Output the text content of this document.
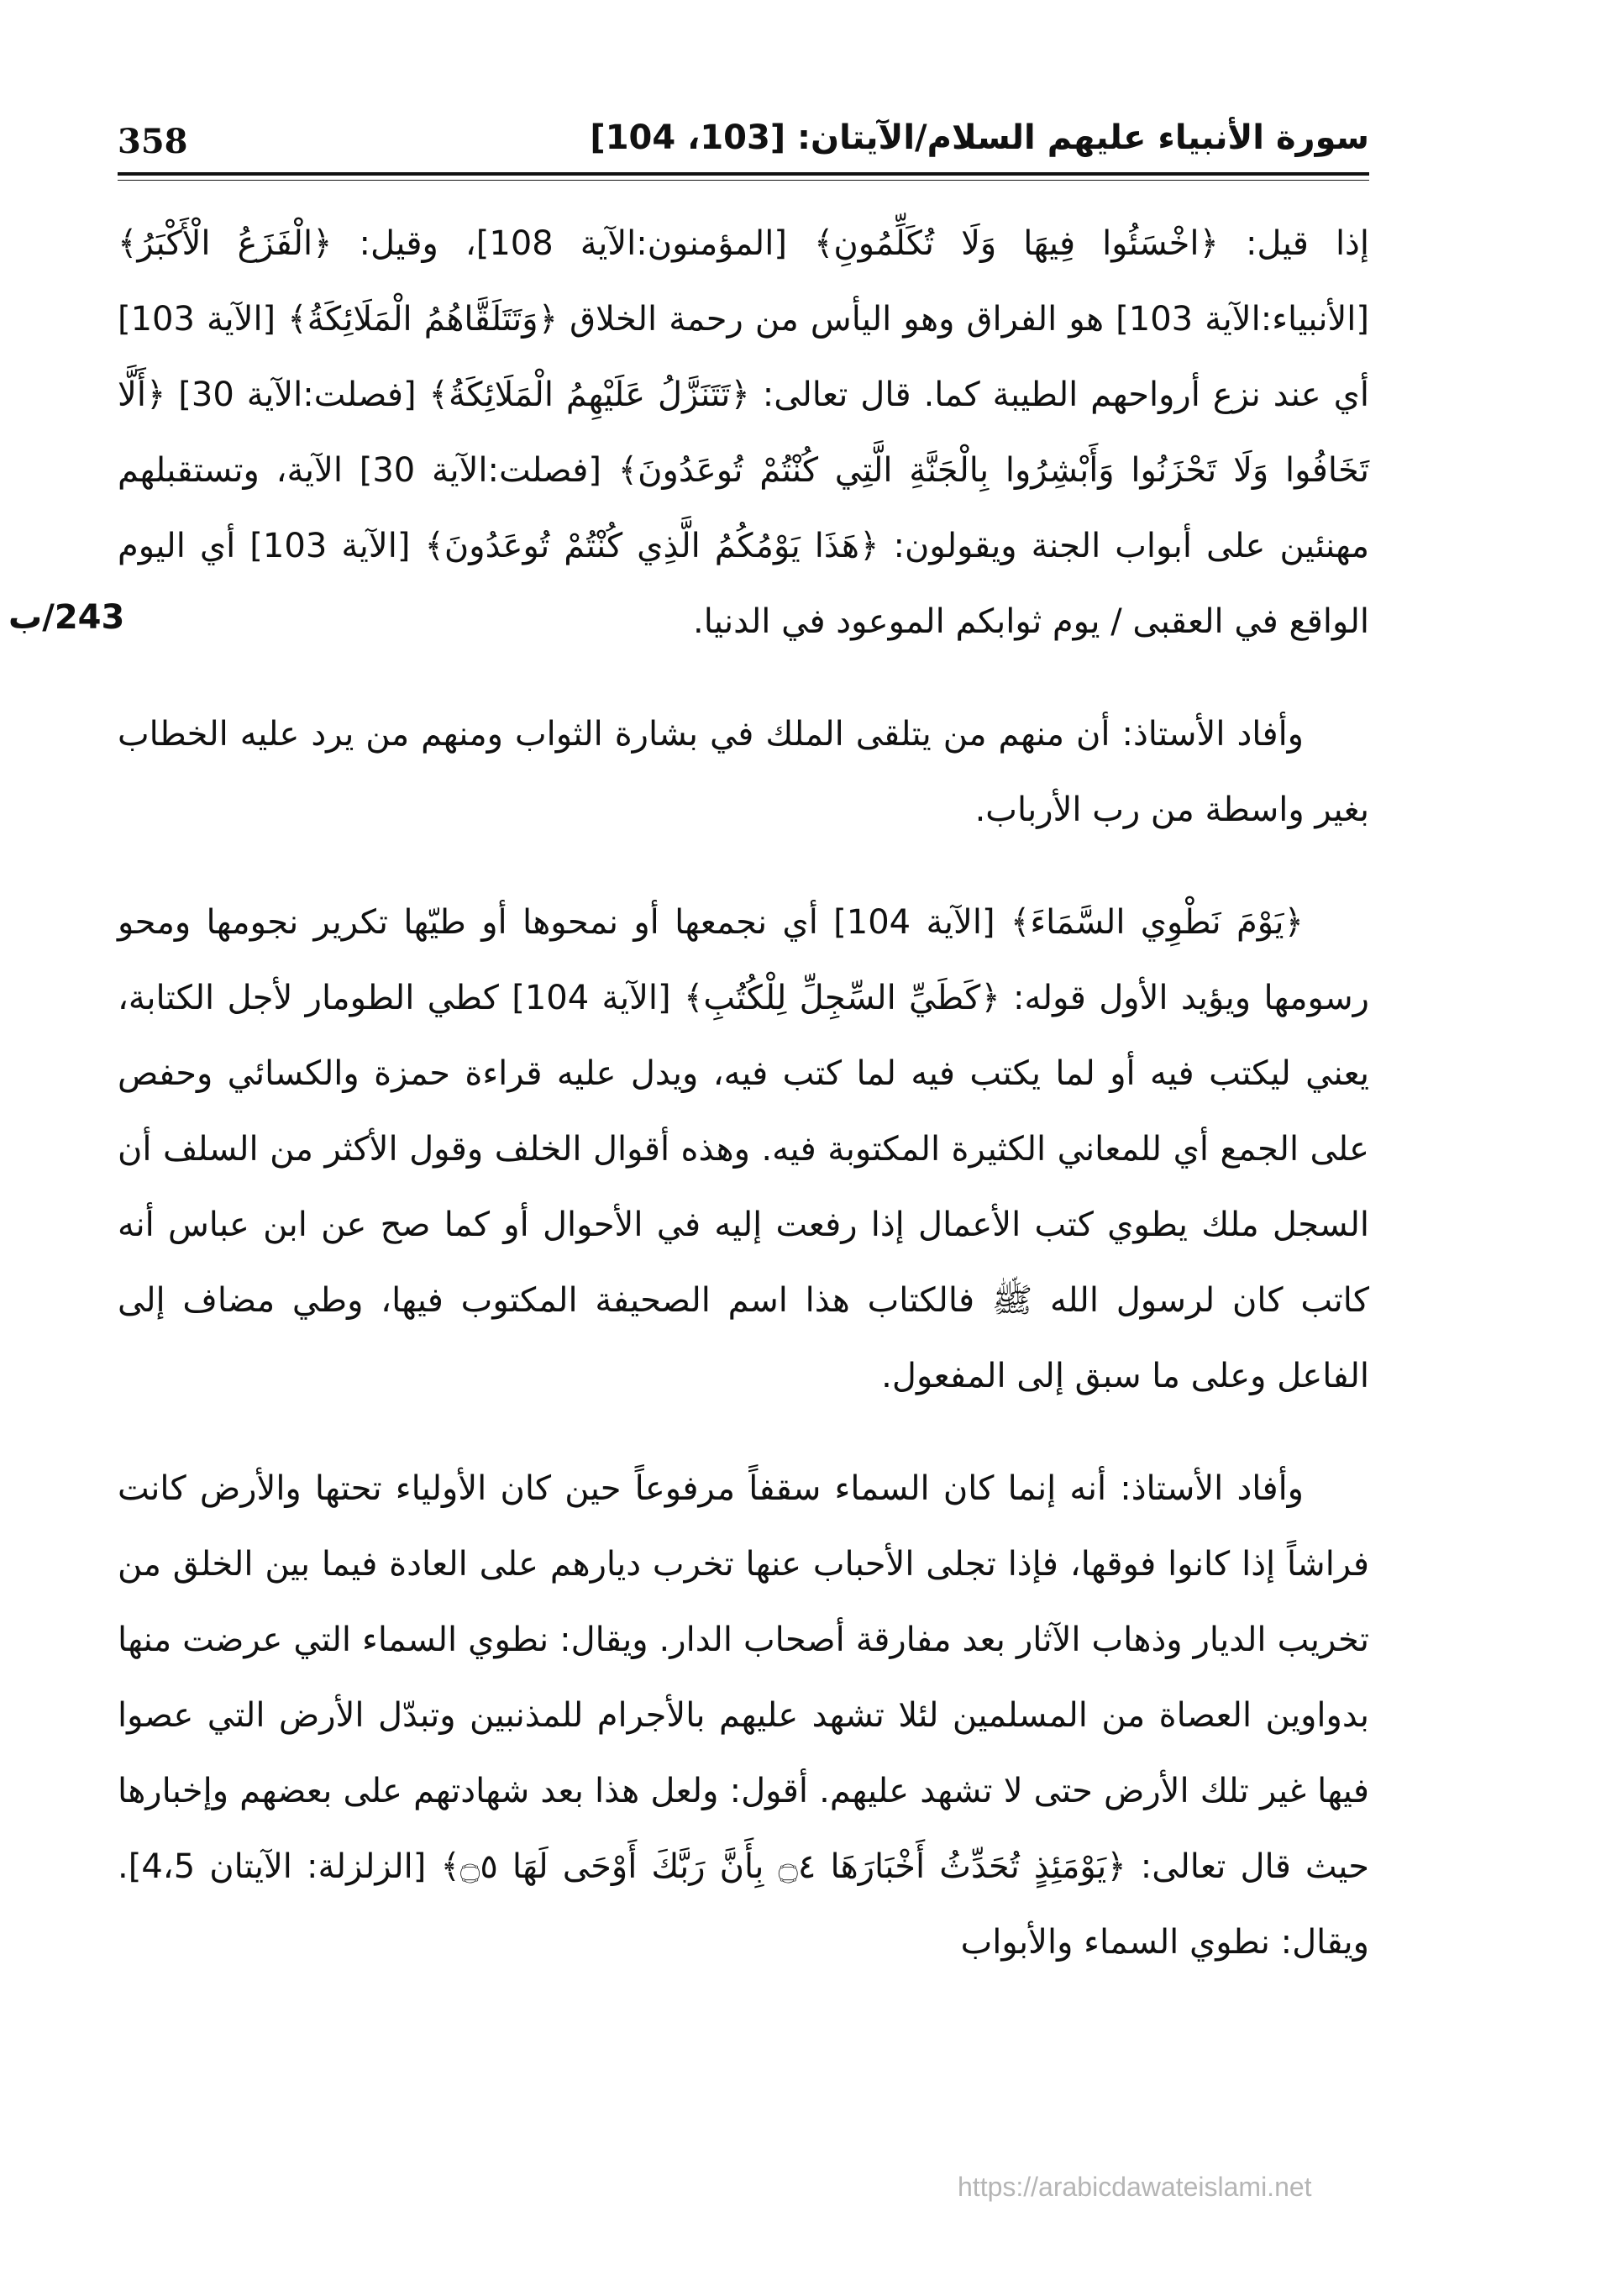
358	سورة الأنبياء عليهم السلام/الآيتان: [103، 104]
243/ب

إذا قيل: ﴿اخْسَئُوا فِيهَا وَلَا تُكَلِّمُونِ﴾ [المؤمنون:الآية 108]، وقيل: ﴿الْفَزَعُ الْأَكْبَرُ﴾ [الأنبياء:الآية 103] هو الفراق وهو اليأس من رحمة الخلاق ﴿وَتَتَلَقَّاهُمُ الْمَلَائِكَةُ﴾ [الآية 103] أي عند نزع أرواحهم الطيبة كما. قال تعالى: ﴿تَتَنَزَّلُ عَلَيْهِمُ الْمَلَائِكَةُ﴾ [فصلت:الآية 30] ﴿أَلَّا تَخَافُوا وَلَا تَحْزَنُوا وَأَبْشِرُوا بِالْجَنَّةِ الَّتِي كُنْتُمْ تُوعَدُونَ﴾ [فصلت:الآية 30] الآية، وتستقبلهم مهنئين على أبواب الجنة ويقولون: ﴿هَذَا يَوْمُكُمُ الَّذِي كُنْتُمْ تُوعَدُونَ﴾ [الآية 103] أي اليوم الواقع في العقبى / يوم ثوابكم الموعود في الدنيا.

وأفاد الأستاذ: أن منهم من يتلقى الملك في بشارة الثواب ومنهم من يرد عليه الخطاب بغير واسطة من رب الأرباب.

﴿يَوْمَ نَطْوِي السَّمَاءَ﴾ [الآية 104] أي نجمعها أو نمحوها أو طيّها تكرير نجومها ومحو رسومها ويؤيد الأول قوله: ﴿كَطَيِّ السِّجِلِّ لِلْكُتُبِ﴾ [الآية 104] كطي الطومار لأجل الكتابة، يعني ليكتب فيه أو لما يكتب فيه لما كتب فيه، ويدل عليه قراءة حمزة والكسائي وحفص على الجمع أي للمعاني الكثيرة المكتوبة فيه. وهذه أقوال الخلف وقول الأكثر من السلف أن السجل ملك يطوي كتب الأعمال إذا رفعت إليه في الأحوال أو كما صح عن ابن عباس أنه كاتب كان لرسول الله ﷺ فالكتاب هذا اسم الصحيفة المكتوب فيها، وطي مضاف إلى الفاعل وعلى ما سبق إلى المفعول.

وأفاد الأستاذ: أنه إنما كان السماء سقفاً مرفوعاً حين كان الأولياء تحتها والأرض كانت فراشاً إذا كانوا فوقها، فإذا تجلى الأحباب عنها تخرب ديارهم على العادة فيما بين الخلق من تخريب الديار وذهاب الآثار بعد مفارقة أصحاب الدار. ويقال: نطوي السماء التي عرضت منها بدواوين العصاة من المسلمين لئلا تشهد عليهم بالأجرام للمذنبين وتبدّل الأرض التي عصوا فيها غير تلك الأرض حتى لا تشهد عليهم. أقول: ولعل هذا بعد شهادتهم على بعضهم وإخبارها حيث قال تعالى: ﴿يَوْمَئِذٍ تُحَدِّثُ أَخْبَارَهَا ۝٤ بِأَنَّ رَبَّكَ أَوْحَى لَهَا ۝٥﴾ [الزلزلة: الآيتان 4،5]. ويقال: نطوي السماء والأبواب

https://arabicdawateislami.net
